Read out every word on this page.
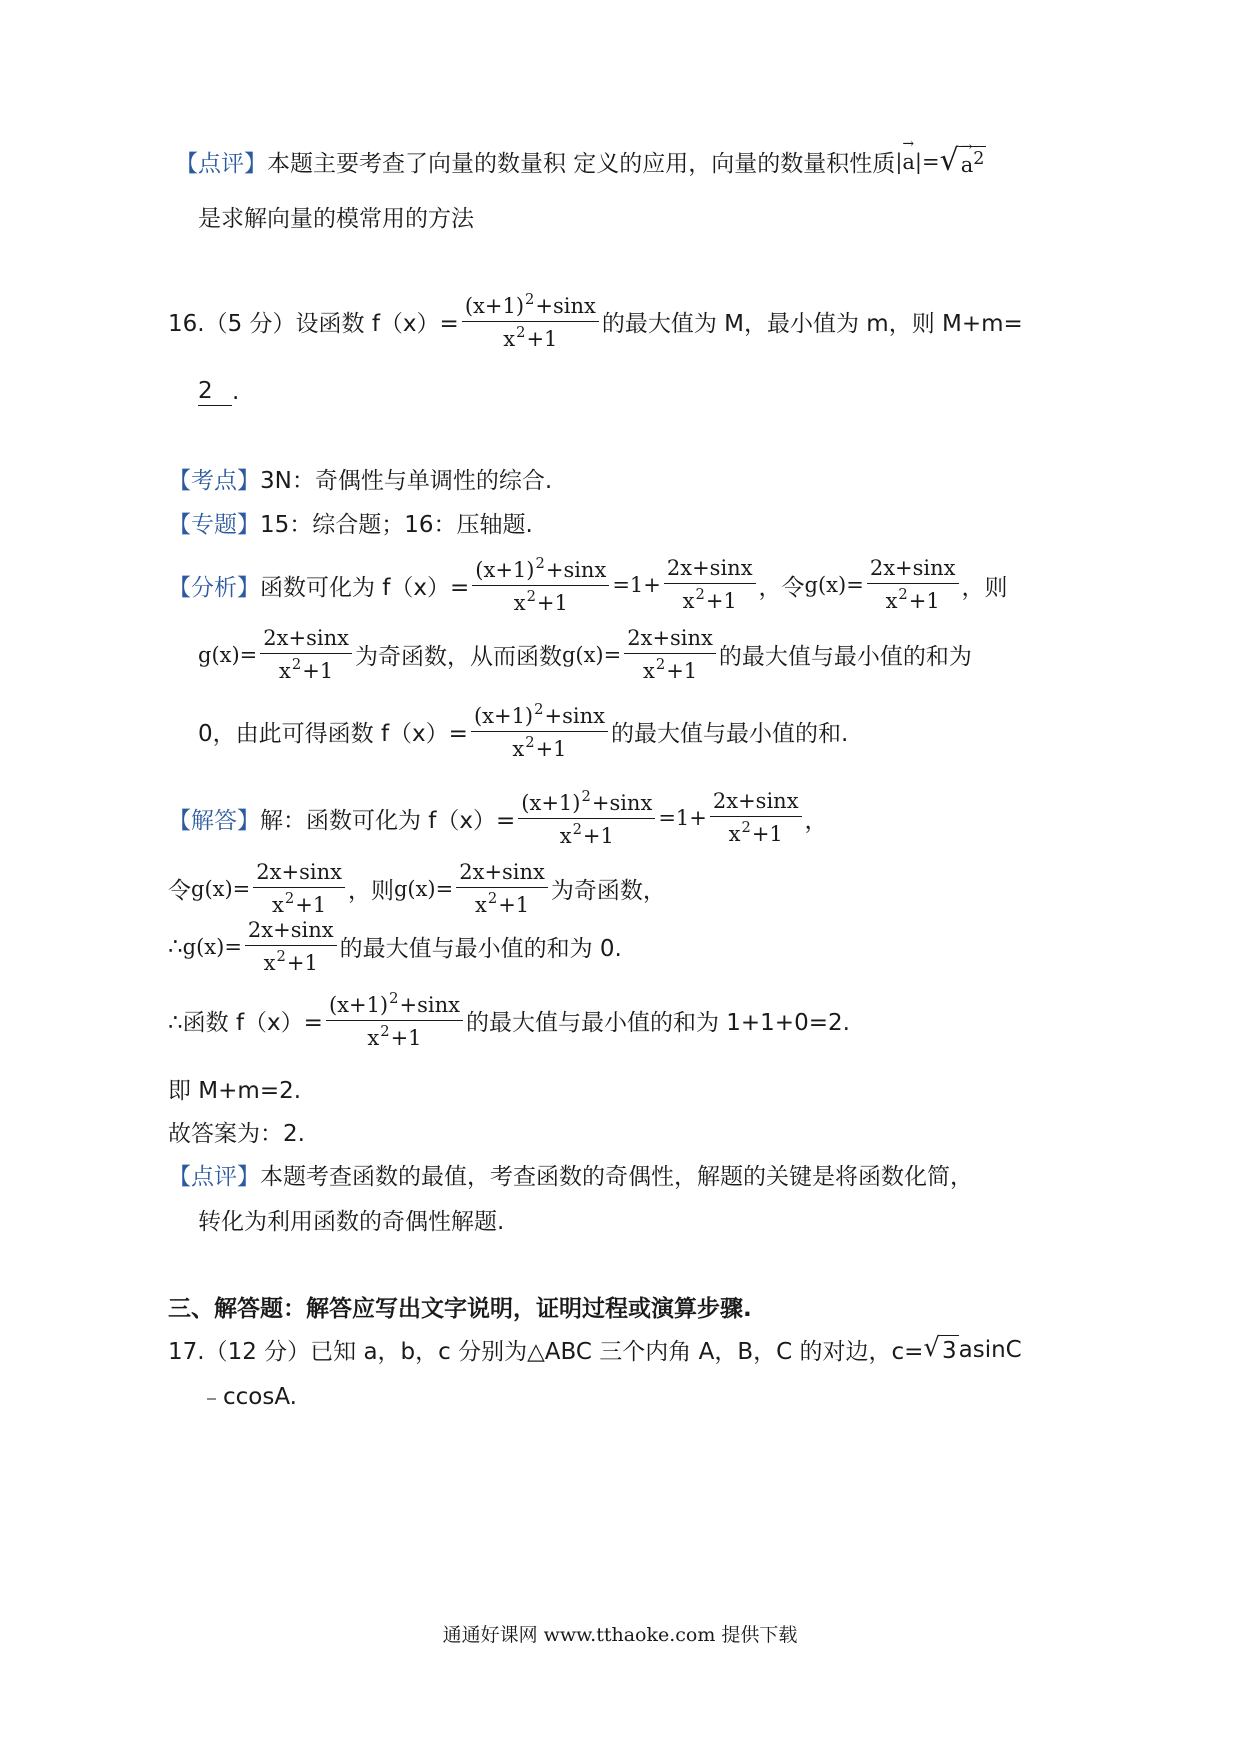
【点评】 本题主要考查了向量的数量积 定义的应用，向量的数量积性质 | → a |= √ → $a^2$
是求解向量的模常用的方法
16.（5 分）设函数 $f(x)= \frac{(x+1)^2+\sin x}{x^2+1}$ 的最大值为 M，最小值为 m，则 M+m=
2 .
【考点】 3N：奇偶性与单调性的综合.
【专题】 15：综合题；16：压轴题.
【分析】 函数可化为 $f(x)= \frac{(x+1)^2+\sin x}{x^2+1} =1+ \frac{2x+\sin x}{x^2+1}$ ，令 $g(x)= \frac{2x+\sin x}{x^2+1}$ ，则
$g(x)= \frac{2x+\sin x}{x^2+1}$ 为奇函数，从而函数 $g(x)= \frac{2x+\sin x}{x^2+1}$ 的最大值与最小值的和为
0，由此可得函数 $f(x)= \frac{(x+1)^2+\sin x}{x^2+1}$ 的最大值与最小值的和.
【解答】 解：函数可化为 $f(x)= \frac{(x+1)^2+\sin x}{x^2+1} =1+ \frac{2x+\sin x}{x^2+1}$ ，
令 $g(x)= \frac{2x+\sin x}{x^2+1}$ ，则 $g(x)= \frac{2x+\sin x}{x^2+1}$ 为奇函数，
∴ $g(x)= \frac{2x+\sin x}{x^2+1}$ 的最大值与最小值的和为 0.
∴函数 $f(x)= \frac{(x+1)^2+\sin x}{x^2+1}$ 的最大值与最小值的和为 1+1+0=2.
即 M+m=2.
故答案为：2.
【点评】 本题考查函数的最值，考查函数的奇偶性，解题的关键是将函数化简，
转化为利用函数的奇偶性解题.
三、解答题：解答应写出文字说明，证明过程或演算步骤.
17.（12 分）已知 a，b，c 分别为△ABC 三个内角 A，B，C 的对边，c= √ 3 asinC
﹣ccosA.
通通好课网 www.tthaoke.com 提供下载
